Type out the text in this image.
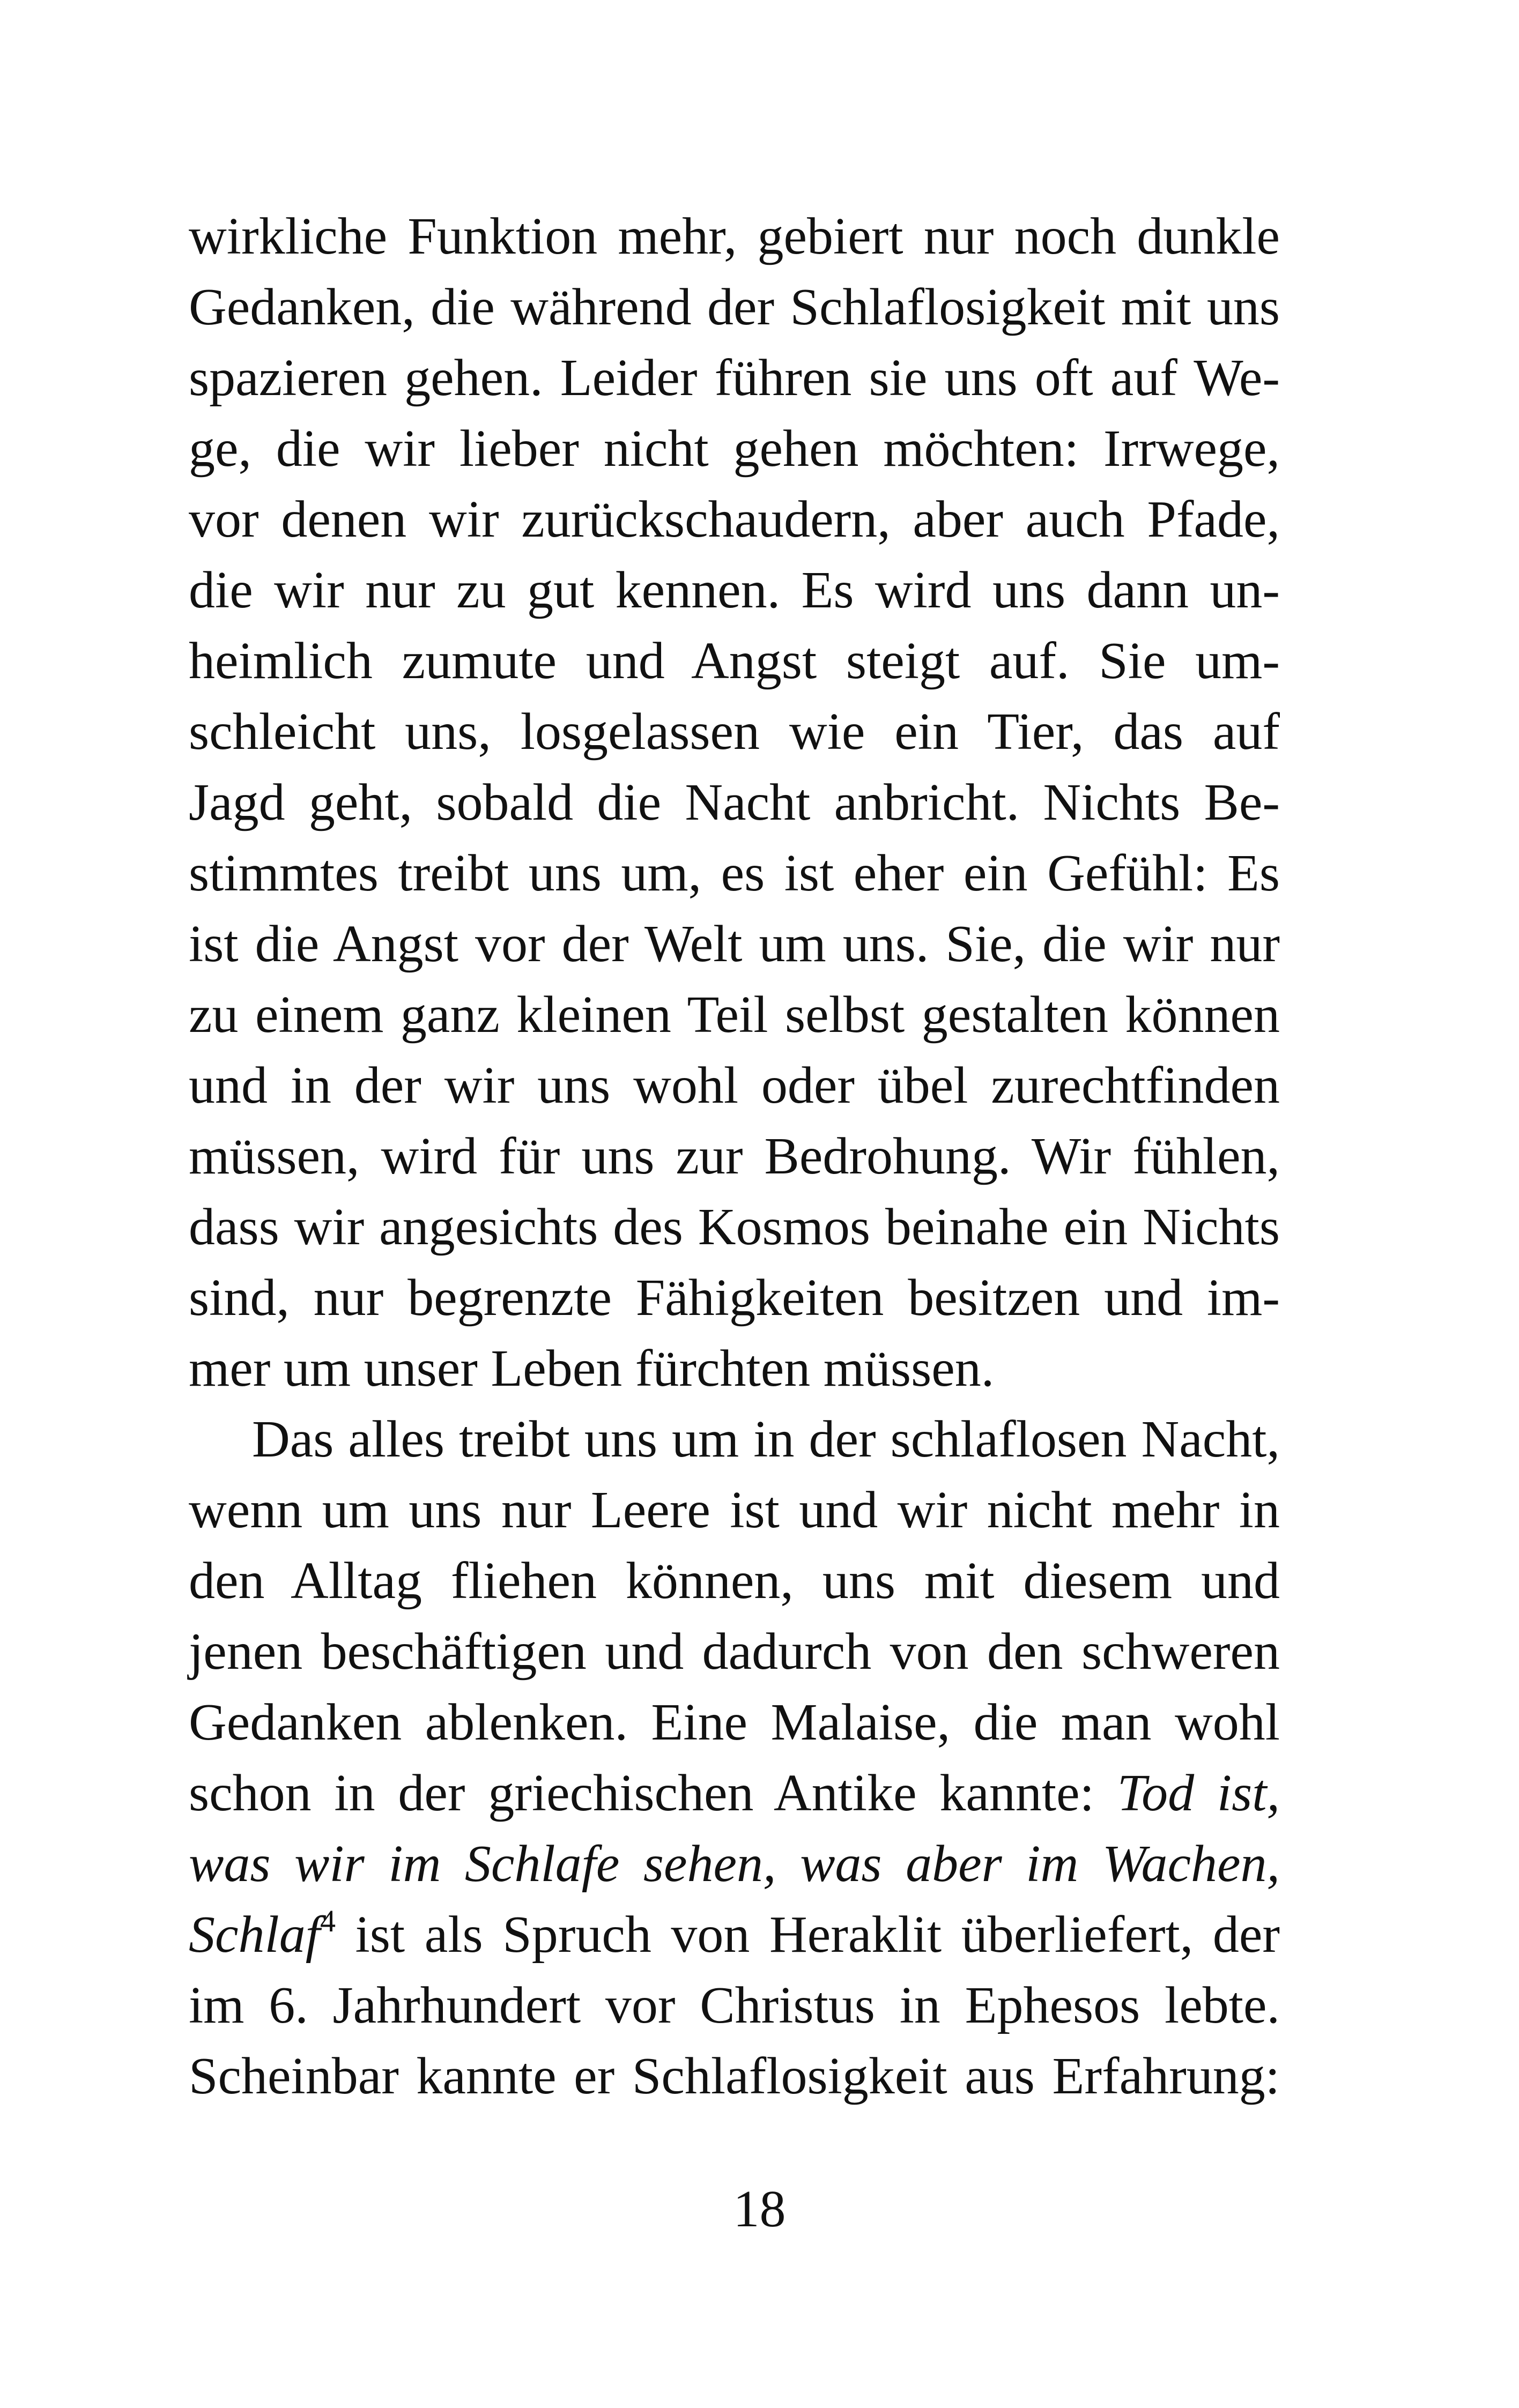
wirkliche Funktion mehr, gebiert nur noch dunkle
Gedanken, die während der Schlaflosigkeit mit uns
spazieren gehen. Leider führen sie uns oft auf We-
ge, die wir lieber nicht gehen möchten: Irrwege,
vor denen wir zurückschaudern, aber auch Pfade,
die wir nur zu gut kennen. Es wird uns dann un-
heimlich zumute und Angst steigt auf. Sie um-
schleicht uns, losgelassen wie ein Tier, das auf
Jagd geht, sobald die Nacht anbricht. Nichts Be-
stimmtes treibt uns um, es ist eher ein Gefühl: Es
ist die Angst vor der Welt um uns. Sie, die wir nur
zu einem ganz kleinen Teil selbst gestalten können
und in der wir uns wohl oder übel zurechtfinden
müssen, wird für uns zur Bedrohung. Wir fühlen,
dass wir angesichts des Kosmos beinahe ein Nichts
sind, nur begrenzte Fähigkeiten besitzen und im-
mer um unser Leben fürchten müssen.
Das alles treibt uns um in der schlaflosen Nacht,
wenn um uns nur Leere ist und wir nicht mehr in
den Alltag fliehen können, uns mit diesem und
jenen beschäftigen und dadurch von den schweren
Gedanken ablenken. Eine Malaise, die man wohl
schon in der griechischen Antike kannte: Tod ist,
was wir im Schlafe sehen, was aber im Wachen,
Schlaf$^4$ ist als Spruch von Heraklit überliefert, der
im 6. Jahrhundert vor Christus in Ephesos lebte.
Scheinbar kannte er Schlaflosigkeit aus Erfahrung:
18
